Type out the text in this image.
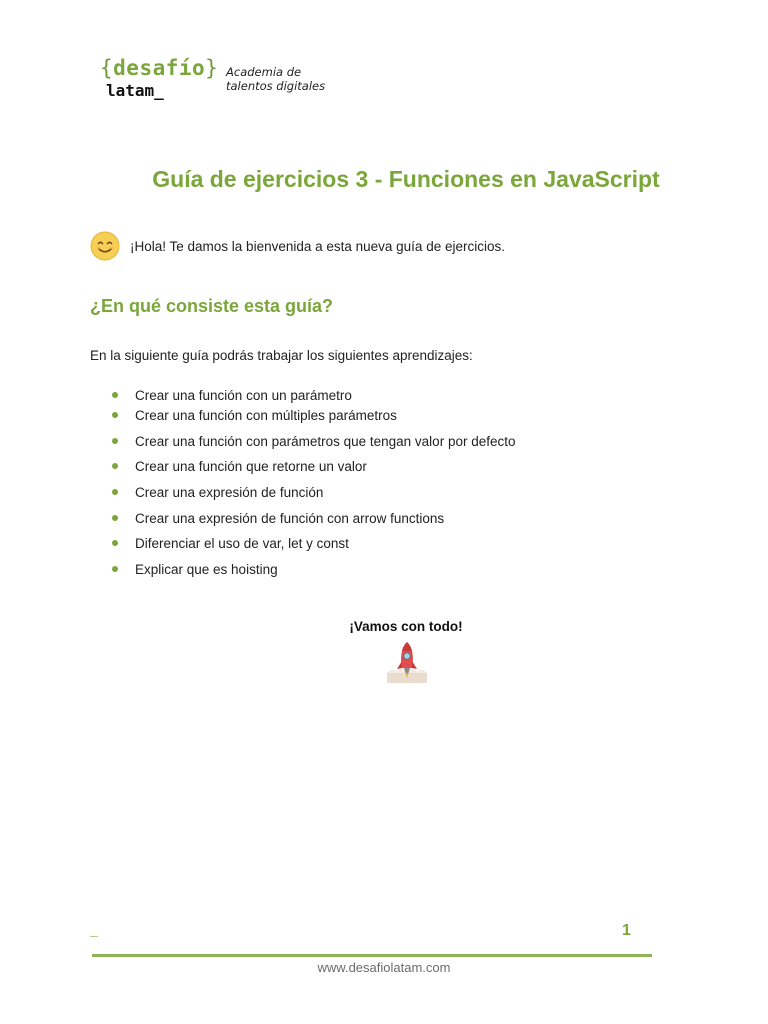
{desafío}
latam_
Academia de
talentos digitales
Guía de ejercicios 3 - Funciones en JavaScript
¡Hola! Te damos la bienvenida a esta nueva guía de ejercicios.
¿En qué consiste esta guía?

En la siguiente guía podrás trabajar los siguientes aprendizajes:

Crear una función con un parámetro
Crear una función con múltiples parámetros
Crear una función con parámetros que tengan valor por defecto
Crear una función que retorne un valor
Crear una expresión de función
Crear una expresión de función con arrow functions
Diferenciar el uso de var, let y const
Explicar que es hoisting

¡Vamos con todo!

_	1
www.desafiolatam.com
